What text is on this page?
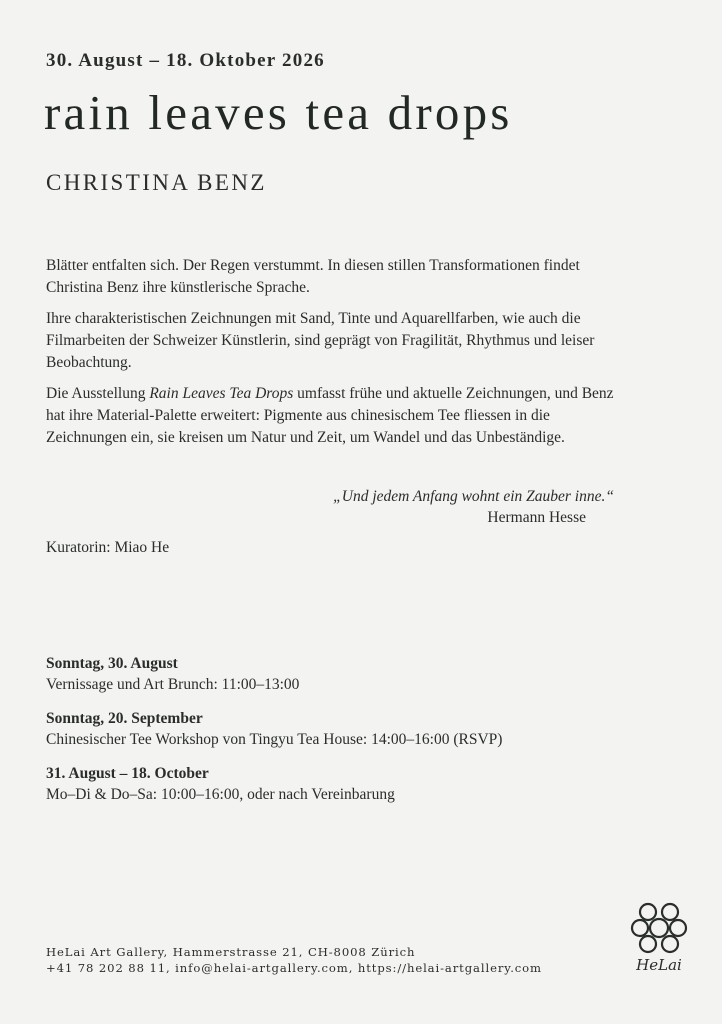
30. August – 18. Oktober 2026
rain leaves tea drops
CHRISTINA BENZ

Blätter entfalten sich. Der Regen verstummt. In diesen stillen Transformationen findet Christina Benz ihre künstlerische Sprache.

Ihre charakteristischen Zeichnungen mit Sand, Tinte und Aquarellfarben, wie auch die Filmarbeiten der Schweizer Künstlerin, sind geprägt von Fragilität, Rhythmus und leiser Beobachtung.

Die Ausstellung Rain Leaves Tea Drops umfasst frühe und aktuelle Zeichnungen, und Benz hat ihre Material-Palette erweitert: Pigmente aus chinesischem Tee fliessen in die Zeichnungen ein, sie kreisen um Natur und Zeit, um Wandel und das Unbeständige.

„Und jedem Anfang wohnt ein Zauber inne.“
Hermann Hesse
Kuratorin: Miao He
Sonntag, 30. August
Vernissage und Art Brunch: 11:00–13:00
Sonntag, 20. September
Chinesischer Tee Workshop von Tingyu Tea House: 14:00–16:00 (RSVP)
31. August – 18. October
Mo–Di & Do–Sa: 10:00–16:00, oder nach Vereinbarung
HeLai Art Gallery, Hammerstrasse 21, CH-8008 Zürich
+41 78 202 88 11, info@helai-artgallery.com, https://helai-artgallery.com	HeLai
